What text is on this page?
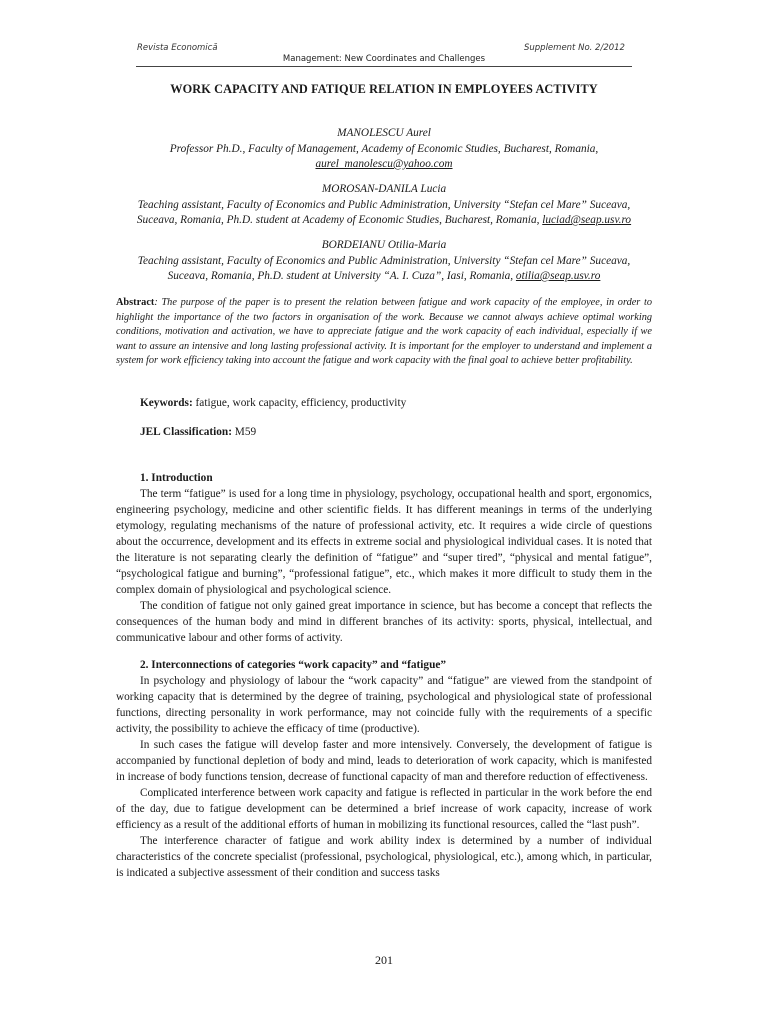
Revista Economică	Supplement No. 2/2012
Management: New Coordinates and Challenges
WORK CAPACITY AND FATIQUE RELATION IN EMPLOYEES ACTIVITY
MANOLESCU Aurel
Professor Ph.D., Faculty of Management, Academy of Economic Studies, Bucharest, Romania,
aurel_manolescu@yahoo.com
MOROSAN-DANILA Lucia
Teaching assistant, Faculty of Economics and Public Administration, University “Stefan cel Mare” Suceava,
Suceava, Romania, Ph.D. student at Academy of Economic Studies, Bucharest, Romania, luciad@seap.usv.ro
BORDEIANU Otilia-Maria
Teaching assistant, Faculty of Economics and Public Administration, University “Stefan cel Mare” Suceava,
Suceava, Romania, Ph.D. student at University “A. I. Cuza”, Iasi, Romania, otilia@seap.usv.ro
Abstract: The purpose of the paper is to present the relation between fatigue and work capacity of the employee, in order to highlight the importance of the two factors in organisation of the work. Because we cannot always achieve optimal working conditions, motivation and activation, we have to appreciate fatigue and the work capacity of each individual, especially if we want to assure an intensive and long lasting professional activity. It is important for the employer to understand and implement a system for work efficiency taking into account the fatigue and work capacity with the final goal to achieve better profitability.
Keywords: fatigue, work capacity, efficiency, productivity
JEL Classification: M59
1. Introduction

The term “fatigue” is used for a long time in physiology, psychology, occupational health and sport, ergonomics, engineering psychology, medicine and other scientific fields. It has different meanings in terms of the underlying etymology, regulating mechanisms of the nature of professional activity, etc. It requires a wide circle of questions about the occurrence, development and its effects in extreme social and physiological individual cases. It is noted that the literature is not separating clearly the definition of “fatigue” and “super tired”, “physical and mental fatigue”, “psychological fatigue and burning”, “professional fatigue”, etc., which makes it more difficult to study them in the complex domain of physiological and psychological science.

The condition of fatigue not only gained great importance in science, but has become a concept that reflects the consequences of the human body and mind in different branches of its activity: sports, physical, intellectual, and communicative labour and other forms of activity.

2. Interconnections of categories “work capacity” and “fatigue”

In psychology and physiology of labour the “work capacity” and “fatigue” are viewed from the standpoint of working capacity that is determined by the degree of training, psychological and physiological state of professional functions, directing personality in work performance, may not coincide fully with the requirements of a specific activity, the possibility to achieve the efficacy of time (productive).

In such cases the fatigue will develop faster and more intensively. Conversely, the development of fatigue is accompanied by functional depletion of body and mind, leads to deterioration of work capacity, which is manifested in increase of body functions tension, decrease of functional capacity of man and therefore reduction of effectiveness.

Complicated interference between work capacity and fatigue is reflected in particular in the work before the end of the day, due to fatigue development can be determined a brief increase of work capacity, increase of work efficiency as a result of the additional efforts of human in mobilizing its functional resources, called the “last push”.

The interference character of fatigue and work ability index is determined by a number of individual characteristics of the concrete specialist (professional, psychological, physiological, etc.), among which, in particular, is indicated a subjective assessment of their condition and success tasks

201
